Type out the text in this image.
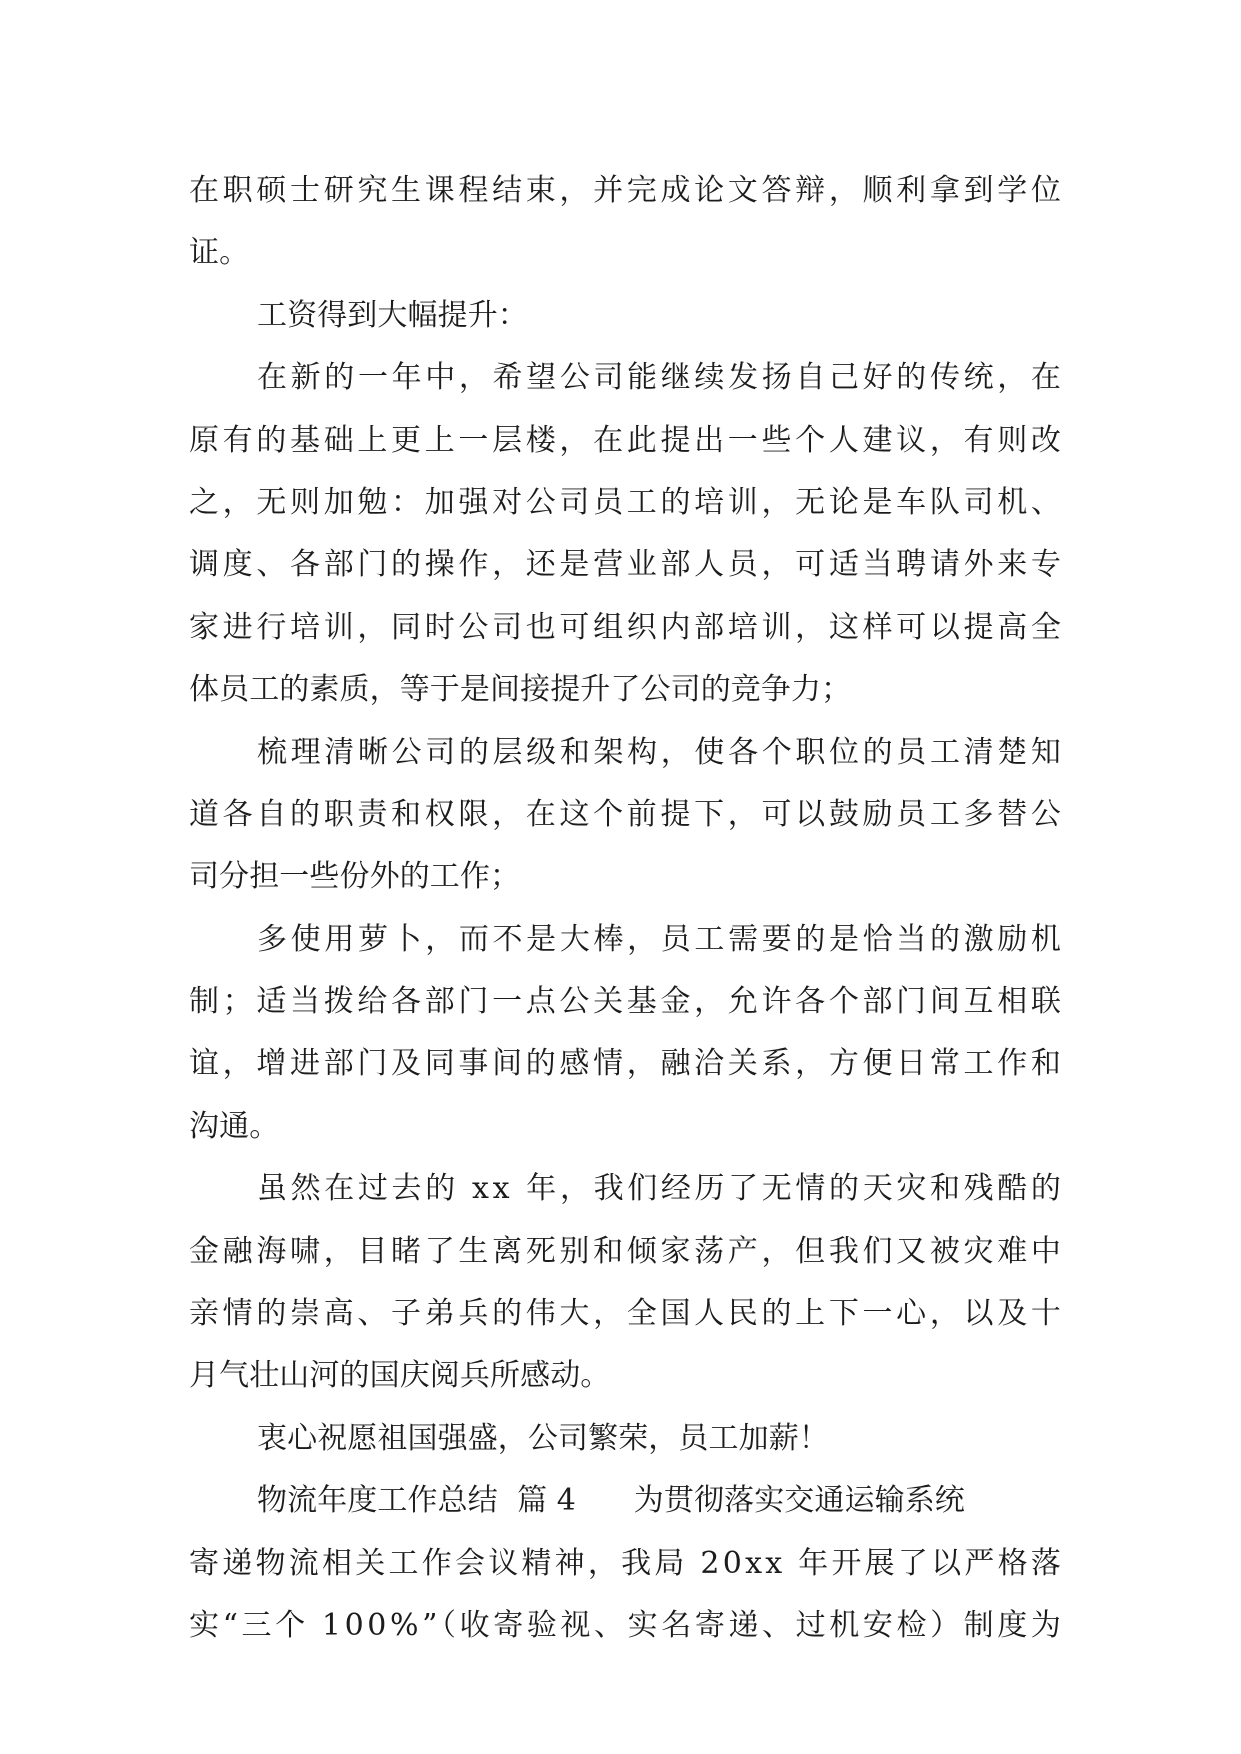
在职硕士研究生课程结束，并完成论文答辩，顺利拿到学位
证。
工资得到大幅提升：
在新的一年中，希望公司能继续发扬自己好的传统，在
原有的基础上更上一层楼，在此提出一些个人建议，有则改
之，无则加勉：加强对公司员工的培训，无论是车队司机、
调度、各部门的操作，还是营业部人员，可适当聘请外来专
家进行培训，同时公司也可组织内部培训，这样可以提高全
体员工的素质，等于是间接提升了公司的竞争力；
梳理清晰公司的层级和架构，使各个职位的员工清楚知
道各自的职责和权限，在这个前提下，可以鼓励员工多替公
司分担一些份外的工作；
多使用萝卜，而不是大棒，员工需要的是恰当的激励机
制；适当拨给各部门一点公关基金，允许各个部门间互相联
谊，增进部门及同事间的感情，融洽关系，方便日常工作和
沟通。
虽然在过去的 xx 年，我们经历了无情的天灾和残酷的
金融海啸，目睹了生离死别和倾家荡产，但我们又被灾难中
亲情的崇高、子弟兵的伟大，全国人民的上下一心，以及十
月气壮山河的国庆阅兵所感动。
衷心祝愿祖国强盛，公司繁荣，员工加薪！
物流年度工作总结  篇 4      为贯彻落实交通运输系统
寄递物流相关工作会议精神，我局 20xx 年开展了以严格落
实“三个 100%”（收寄验视、实名寄递、过机安检）制度为
